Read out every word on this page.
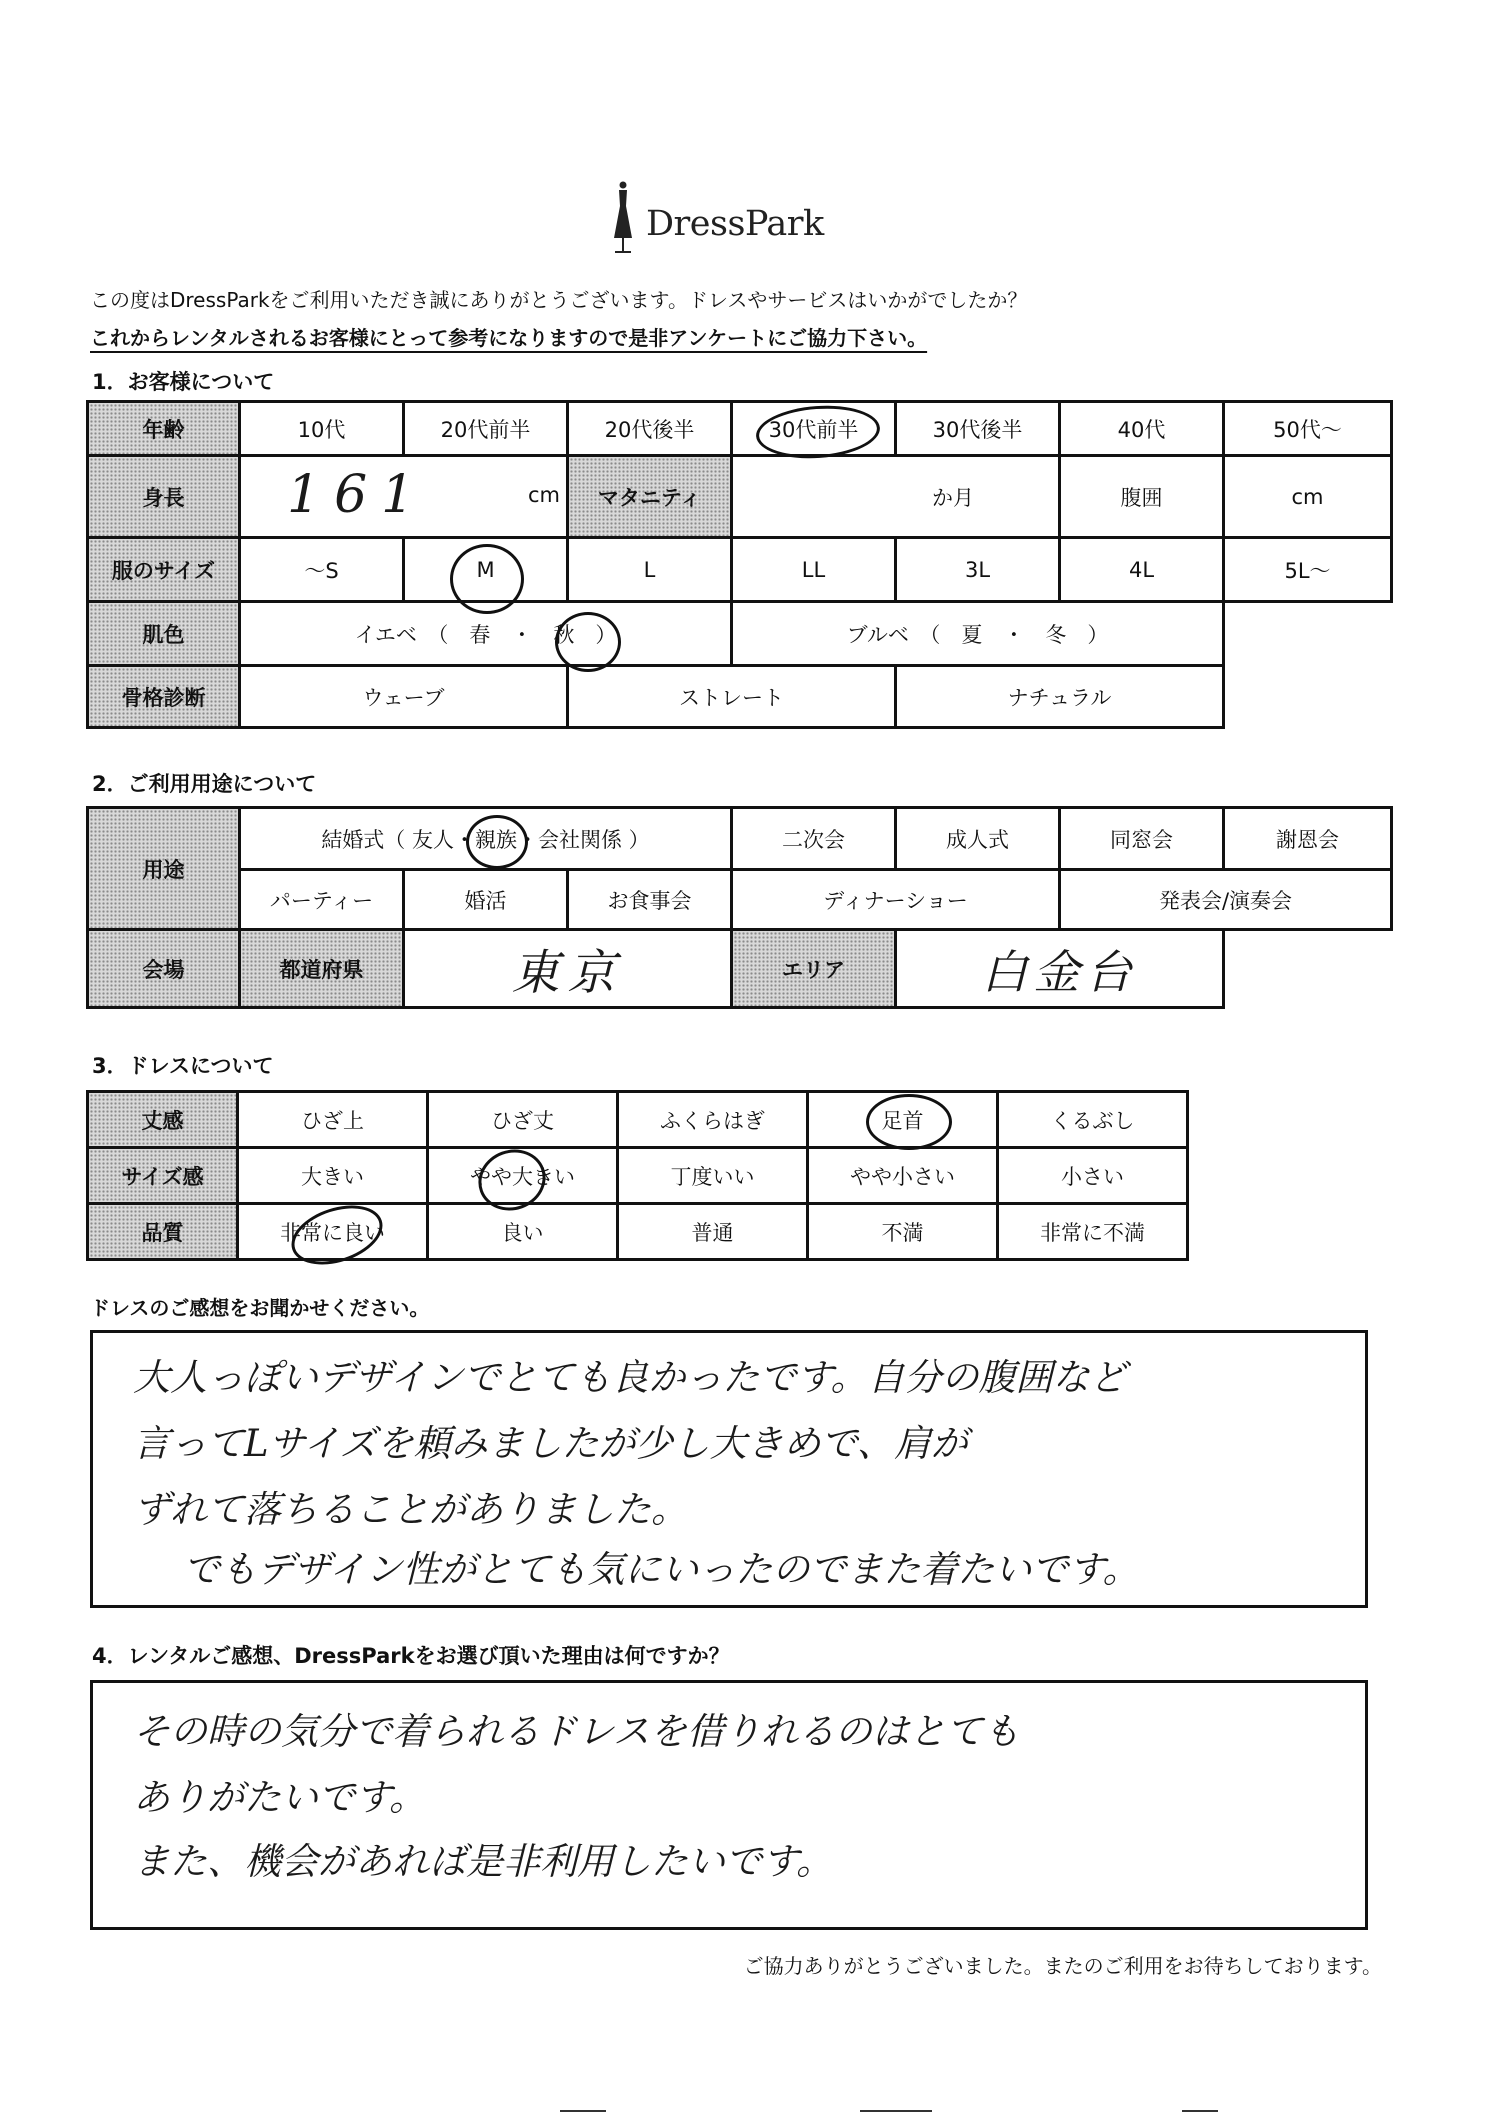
DressPark
この度はDressParkをご利用いただき誠にありがとうございます。ドレスやサービスはいかがでしたか？
これからレンタルされるお客様にとって参考になりますので是非アンケートにご協力下さい。
1．お客様について
年齢	10代	20代前半	20代後半	30代前半	30代後半	40代	50代～
身長	161 cm		マタニティ	か月		腹囲	cm
服のサイズ	～S	M	L	LL	3L	4L	5L～
肌色	イエベ　（　春　・　秋　）			ブルベ　（　夏　・　冬　）			
骨格診断	ウェーブ		ストレート		ナチュラル		
2．ご利用用途について
用途	結婚式（ 友人・親族・会社関係 ）			二次会	成人式	同窓会	謝恩会
	パーティー	婚活	お食事会	ディナーショー		発表会/演奏会	
会場	都道府県	東京		エリア	白金台		
3．ドレスについて
丈感	ひざ上	ひざ丈	ふくらはぎ	足首	くるぶし
サイズ感	大きい	やや大きい	丁度いい	やや小さい	小さい
品質	非常に良い	良い	普通	不満	非常に不満
ドレスのご感想をお聞かせください。
大人っぽいデザインでとても良かったです。自分の腹囲など
言ってLサイズを頼みましたが少し大きめで、肩が
ずれて落ちることがありました。
でもデザイン性がとても気にいったのでまた着たいです。
4．レンタルご感想、DressParkをお選び頂いた理由は何ですか？
その時の気分で着られるドレスを借りれるのはとても
ありがたいです。
また、機会があれば是非利用したいです。
ご協力ありがとうございました。またのご利用をお待ちしております。
